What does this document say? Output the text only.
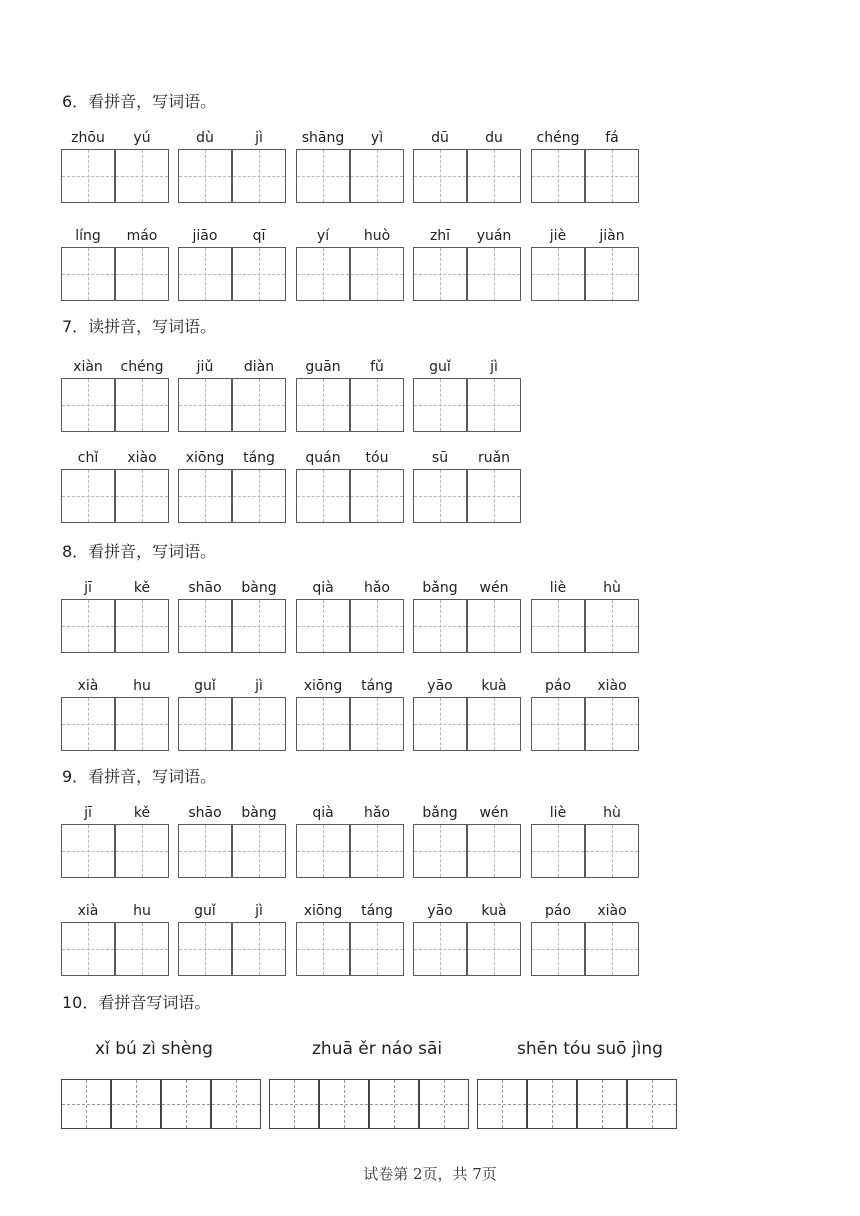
6．看拼音，写词语。
zhōu	yú	dù	jì	shāng	yì	dū	du	chéng	fá
líng	máo	jiāo	qī	yí	huò	zhī	yuán	jiè	jiàn
7．读拼音，写词语。
xiàn	chéng	jiǔ	diàn	guān	fǔ	guǐ	jì
chǐ	xiào	xiōng	táng	quán	tóu	sū	ruǎn
8．看拼音，写词语。
jī	kě	shāo	bàng	qià	hǎo	bǎng	wén	liè	hù
xià	hu	guǐ	jì	xiōng	táng	yāo	kuà	páo	xiào
9．看拼音，写词语。
jī	kě	shāo	bàng	qià	hǎo	bǎng	wén	liè	hù
xià	hu	guǐ	jì	xiōng	táng	yāo	kuà	páo	xiào
10．看拼音写词语。
xǐ bú zì shèng	zhuā ěr náo sāi	shēn tóu suō jìng
试卷第 2页，共 7页
